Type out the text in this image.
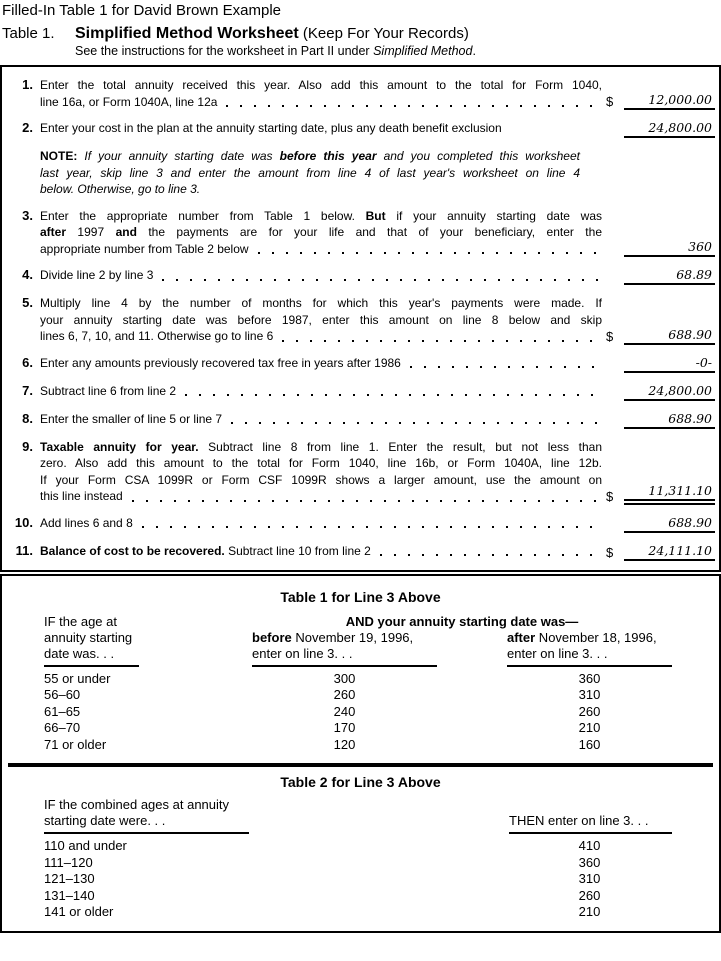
Filled-In Table 1 for David Brown Example
Table 1.	Simplified Method Worksheet (Keep For Your Records)
See the instructions for the worksheet in Part II under Simplified Method.
1. Enter the total annuity received this year. Also add this amount to the total for Form 1040,
line 16a, or Form 1040A, line 12a	$	12,000.00
2. Enter your cost in the plan at the annuity starting date, plus any death benefit exclusion	24,800.00
NOTE: If your annuity starting date was before this year and you completed this worksheet
last year, skip line 3 and enter the amount from line 4 of last year's worksheet on line 4
below. Otherwise, go to line 3.
3. Enter the appropriate number from Table 1 below. But if your annuity starting date was
after 1997 and the payments are for your life and that of your beneficiary, enter the
appropriate number from Table 2 below	360
4. Divide line 2 by line 3	68.89
5. Multiply line 4 by the number of months for which this year's payments were made. If
your annuity starting date was before 1987, enter this amount on line 8 below and skip
lines 6, 7, 10, and 11. Otherwise go to line 6	$	688.90
6. Enter any amounts previously recovered tax free in years after 1986	-0-
7. Subtract line 6 from line 2	24,800.00
8. Enter the smaller of line 5 or line 7	688.90
9. Taxable annuity for year. Subtract line 8 from line 1. Enter the result, but not less than
zero. Also add this amount to the total for Form 1040, line 16b, or Form 1040A, line 12b.
If your Form CSA 1099R or Form CSF 1099R shows a larger amount, use the amount on
this line instead	$	11,311.10
10. Add lines 6 and 8	688.90
11. Balance of cost to be recovered. Subtract line 10 from line 2	$	24,111.10
Table 1 for Line 3 Above
IF the age at
annuity starting
date was. . .
AND your annuity starting date was—
before November 19, 1996,
enter on line 3. . .
after November 18, 1996,
enter on line 3. . .
55 or under	300	360
56–60	260	310
61–65	240	260
66–70	170	210
71 or older	120	160
Table 2 for Line 3 Above
IF the combined ages at annuity
starting date were. . .	THEN enter on line 3. . .
110 and under	410
111–120	360
121–130	310
131–140	260
141 or older	210
